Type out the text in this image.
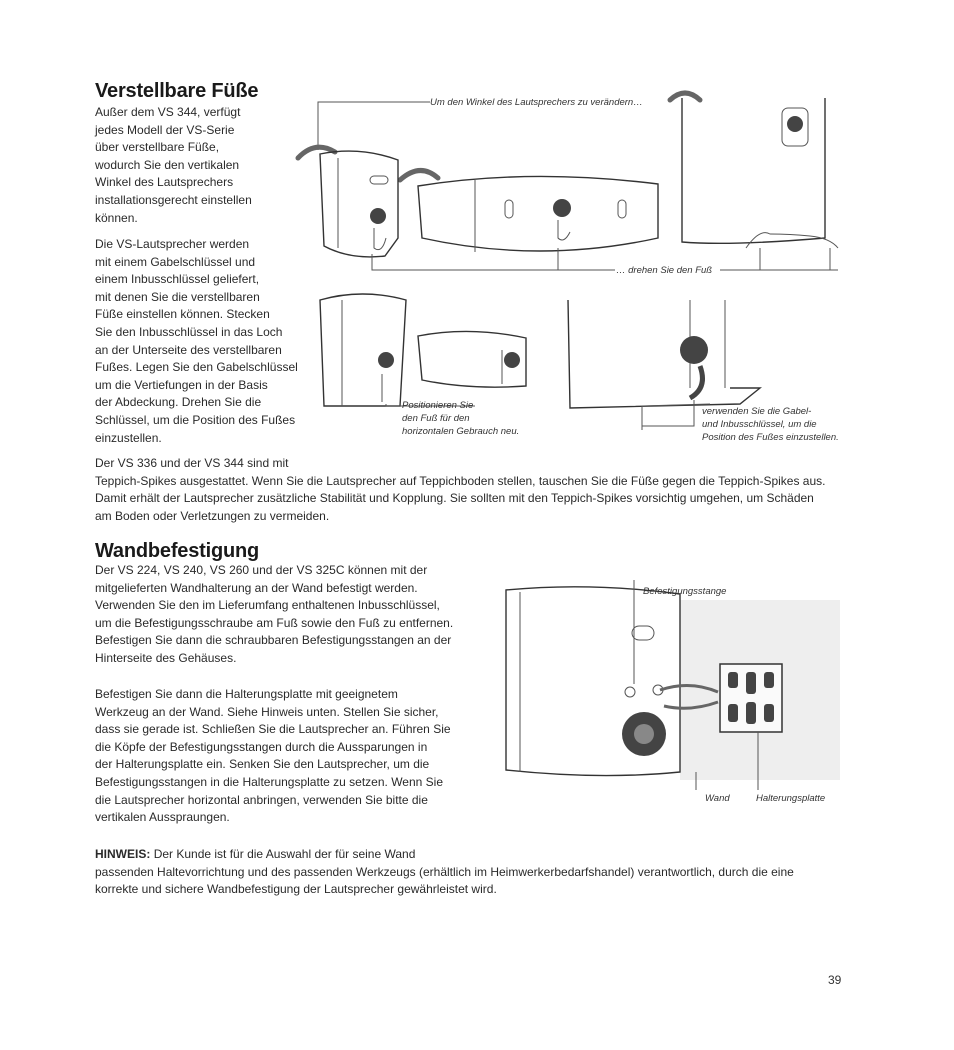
Verstellbare Füße

Außer dem VS 344, verfügt

jedes Modell der VS-Serie

über verstellbare Füße,

wodurch Sie den vertikalen

Winkel des Lautsprechers

installationsgerecht einstellen

können.

Die VS-Lautsprecher werden

mit einem Gabelschlüssel und

einem Inbusschlüssel geliefert,

mit denen Sie die verstellbaren

Füße einstellen können. Stecken

Sie den Inbusschlüssel in das Loch

an der Unterseite des verstellbaren

Fußes. Legen Sie den Gabelschlüssel

um die Vertiefungen in der Basis

der Abdeckung. Drehen Sie die

Schlüssel, um die Position des Fußes

einzustellen.

Der VS 336 und der VS 344 sind mit

Teppich-Spikes ausgestattet. Wenn Sie die Lautsprecher auf Teppichboden stellen, tauschen Sie die Füße gegen die Teppich-Spikes aus.

Damit erhält der Lautsprecher zusätzliche Stabilität und Kopplung. Sie sollten mit den Teppich-Spikes vorsichtig umgehen, um Schäden

am Boden oder Verletzungen zu vermeiden.

Um den Winkel des Lautsprechers zu verändern…
… drehen Sie den Fuß
Positionieren Sie
den Fuß für den
horizontalen Gebrauch neu.
verwenden Sie die Gabel-
und Inbusschlüssel, um die
Position des Fußes einzustellen.
Wandbefestigung

Der VS 224, VS 240, VS 260 und der VS 325C können mit der

mitgelieferten Wandhalterung an der Wand befestigt werden.

Verwenden Sie den im Lieferumfang enthaltenen Inbusschlüssel,

um die Befestigungsschraube am Fuß sowie den Fuß zu entfernen.

Befestigen Sie dann die schraubbaren Befestigungsstangen an der

Hinterseite des Gehäuses.

Befestigen Sie dann die Halterungsplatte mit geeignetem

Werkzeug an der Wand. Siehe Hinweis unten. Stellen Sie sicher,

dass sie gerade ist. Schließen Sie die Lautsprecher an. Führen Sie

die Köpfe der Befestigungsstangen durch die Aussparungen in

der Halterungsplatte ein. Senken Sie den Lautsprecher, um die

Befestigungsstangen in die Halterungsplatte zu setzen. Wenn Sie

die Lautsprecher horizontal anbringen, verwenden Sie bitte die

vertikalen Ausspraungen.

Befestigungsstange
Wand	Halterungsplatte

HINWEIS: Der Kunde ist für die Auswahl der für seine Wand

passenden Haltevorrichtung und des passenden Werkzeugs (erhältlich im Heimwerkerbedarfshandel) verantwortlich, durch die eine

korrekte und sichere Wandbefestigung der Lautsprecher gewährleistet wird.

39
